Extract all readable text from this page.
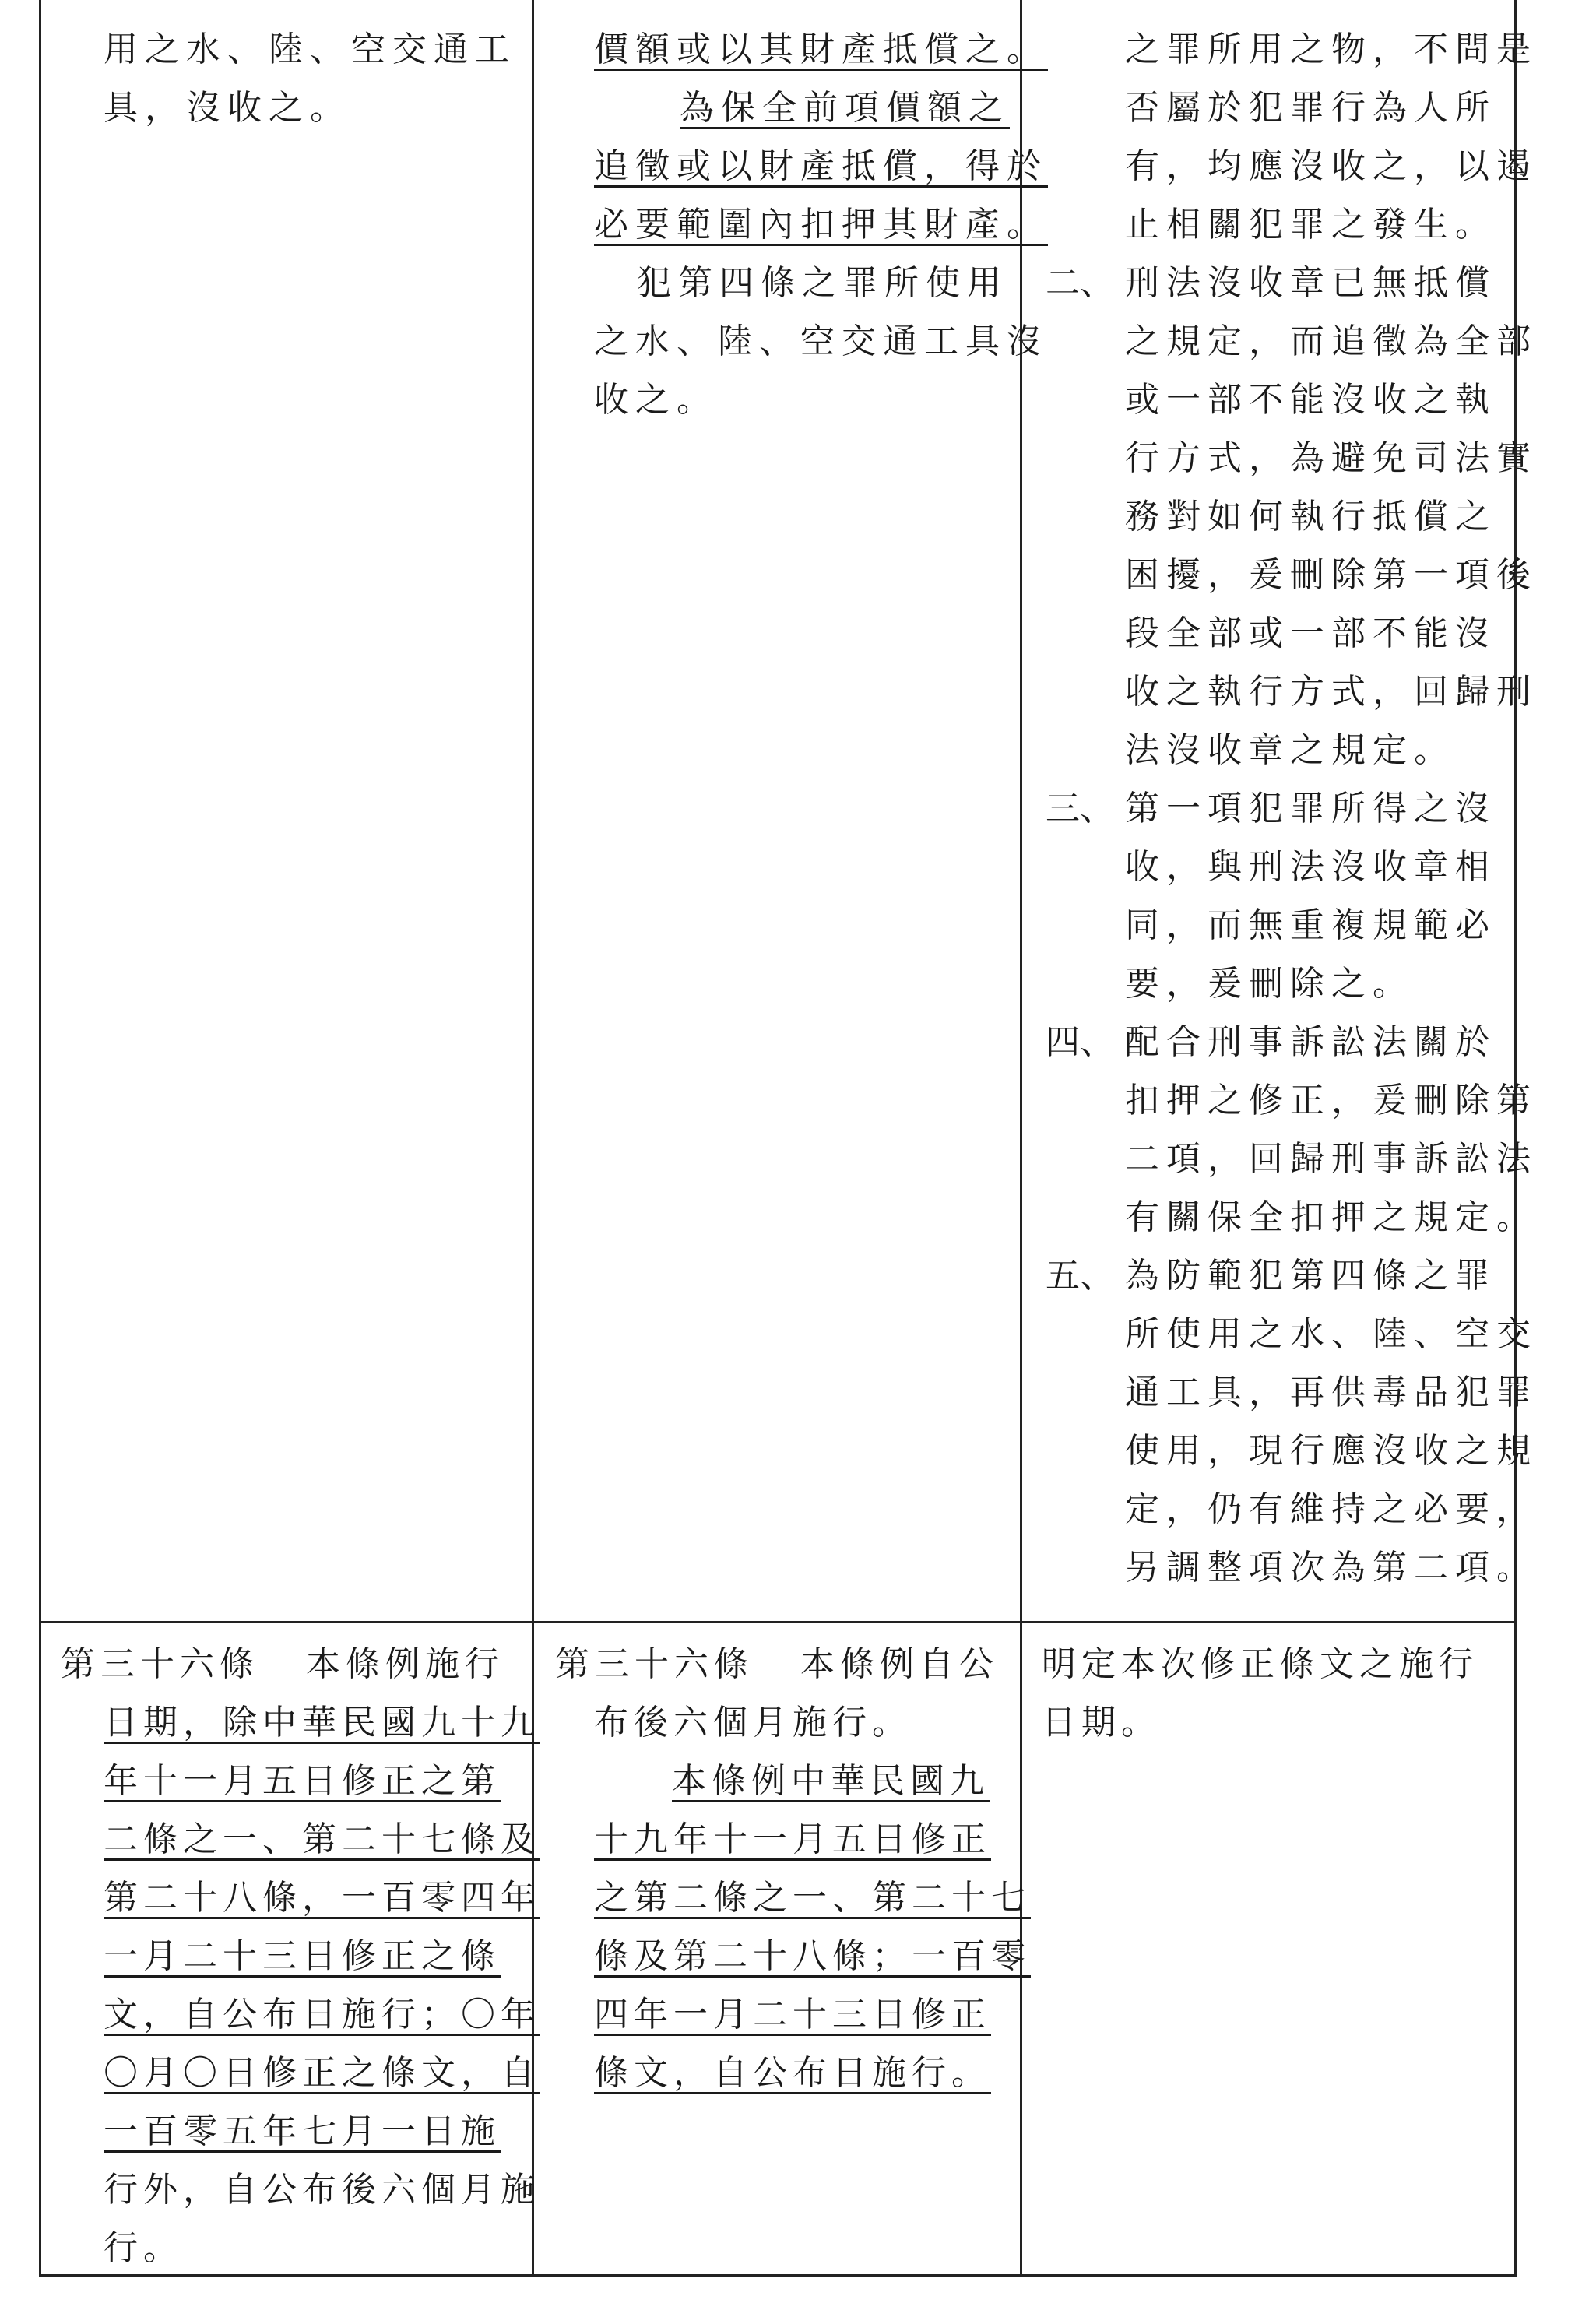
用之水、陸、空交通工
具，沒收之。
價額或以其財產抵償之。
為保全前項價額之
追徵或以財產抵償，得於
必要範圍內扣押其財產。
犯第四條之罪所使用
之水、陸、空交通工具沒
收之。
之罪所用之物，不問是
否屬於犯罪行為人所
有，均應沒收之，以遏
止相關犯罪之發生。
二、 刑法沒收章已無抵償
之規定，而追徵為全部
或一部不能沒收之執
行方式，為避免司法實
務對如何執行抵償之
困擾，爰刪除第一項後
段全部或一部不能沒
收之執行方式，回歸刑
法沒收章之規定。
三、 第一項犯罪所得之沒
收，與刑法沒收章相
同，而無重複規範必
要，爰刪除之。
四、 配合刑事訴訟法關於
扣押之修正，爰刪除第
二項，回歸刑事訴訟法
有關保全扣押之規定。
五、 為防範犯第四條之罪
所使用之水、陸、空交
通工具，再供毒品犯罪
使用，現行應沒收之規
定，仍有維持之必要，
另調整項次為第二項。
第三十六條 本條例施行
日期，除中華民國九十九
年十一月五日修正之第
二條之一、第二十七條及
第二十八條，一百零四年
一月二十三日修正之條
文，自公布日施行；〇年
〇月〇日修正之條文，自
一百零五年七月一日施
行外，自公布後六個月施
行。
第三十六條 本條例自公
布後六個月施行。
本條例中華民國九
十九年十一月五日修正
之第二條之一、第二十七
條及第二十八條；一百零
四年一月二十三日修正
條文，自公布日施行。
明定本次修正條文之施行
日期。
